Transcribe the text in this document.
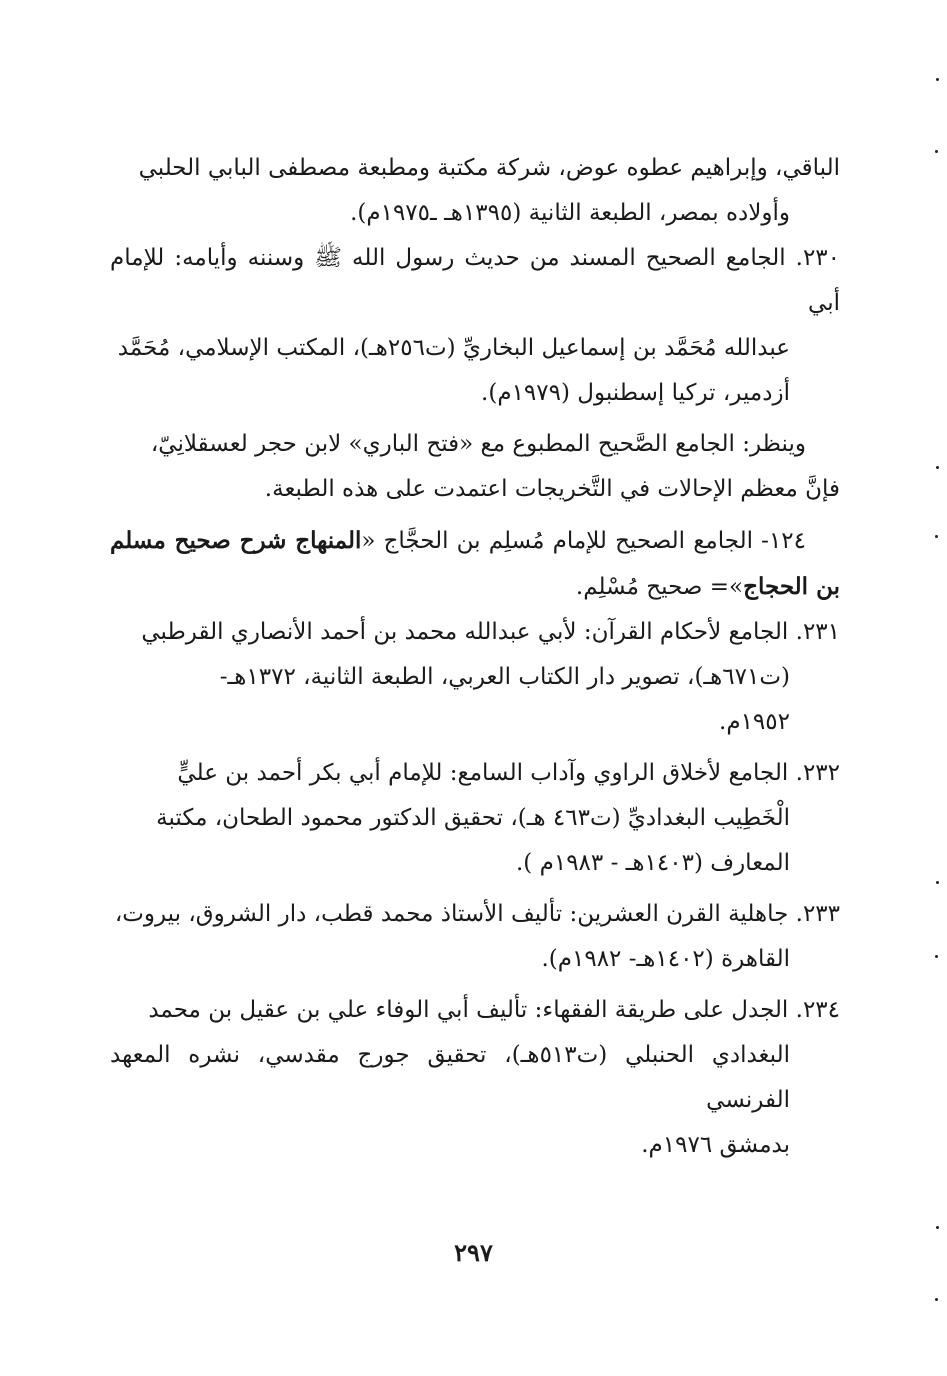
الباقي، وإبراهيم عطوه عوض، شركة مكتبة ومطبعة مصطفى البابي الحلبي
وأولاده بمصر، الطبعة الثانية (١٣٩٥هـ ـ١٩٧٥م).

٢٣٠. الجامع الصحيح المسند من حديث رسول الله ﷺ وسننه وأيامه: للإمام أبي
عبدالله مُحَمَّد بن إسماعيل البخاريِّ (ت٢٥٦هـ)، المكتب الإسلامي، مُحَمَّد
أزدمير، تركيا إسطنبول (١٩٧٩م).

وينظر: الجامع الصَّحيح المطبوع مع «فتح الباري» لابن حجر لعسقلانِيّ،
فإنَّ معظم الإحالات في التَّخريجات اعتمدت على هذه الطبعة.

١٢٤- الجامع الصحيح للإمام مُسلِم بن الحجَّاج «المنهاج شرح صحيح مسلم بن الحجاج»= صحيح مُسْلِم.

٢٣١. الجامع لأحكام القرآن: لأبي عبدالله محمد بن أحمد الأنصاري القرطبي
(ت٦٧١هـ)، تصوير دار الكتاب العربي، الطبعة الثانية، ١٣٧٢هـ-
١٩٥٢م.

٢٣٢. الجامع لأخلاق الراوي وآداب السامع: للإمام أبي بكر أحمد بن عليٍّ
الْخَطِيب البغداديِّ (ت٤٦٣ هـ)، تحقيق الدكتور محمود الطحان، مكتبة
المعارف (١٤٠٣هـ - ١٩٨٣م ).

٢٣٣. جاهلية القرن العشرين: تأليف الأستاذ محمد قطب، دار الشروق، بيروت،
القاهرة (١٤٠٢هـ- ١٩٨٢م).

٢٣٤. الجدل على طريقة الفقهاء: تأليف أبي الوفاء علي بن عقيل بن محمد
البغدادي الحنبلي (ت٥١٣هـ)، تحقيق جورج مقدسي، نشره المعهد الفرنسي
بدمشق ١٩٧٦م.

٢٩٧
